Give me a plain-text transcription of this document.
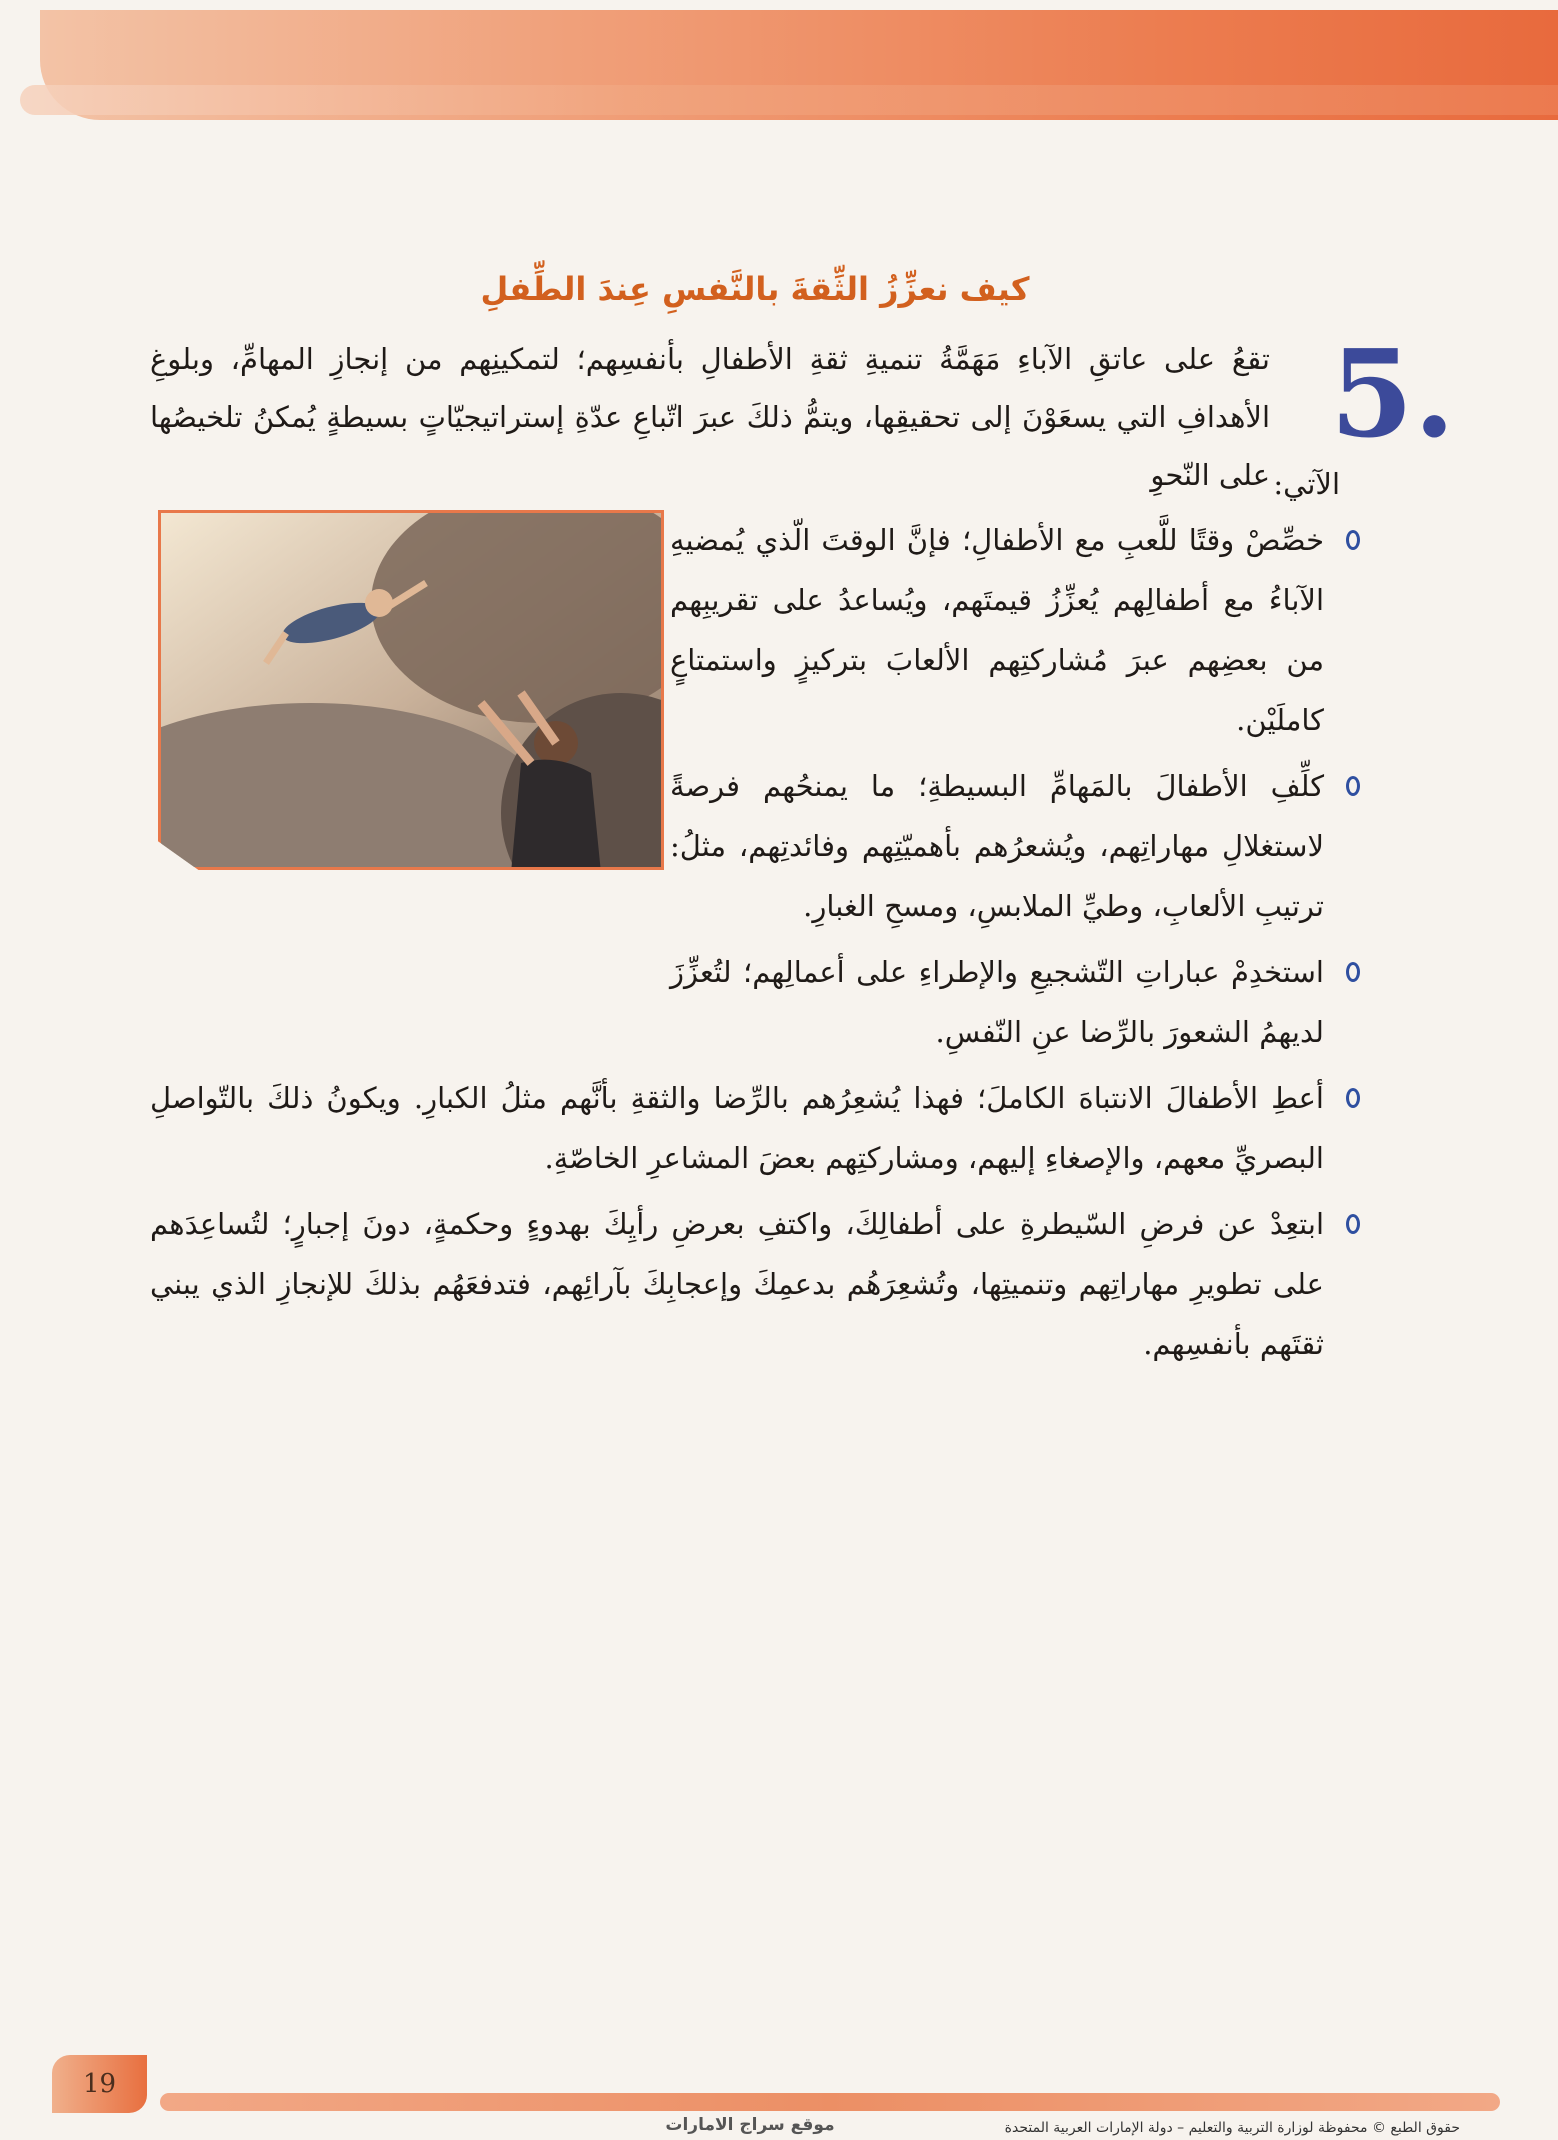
كيف نعزِّزُ الثِّقةَ بالنَّفسِ عِندَ الطِّفلِ
5.
تقعُ على عاتقِ الآباءِ مَهَمَّةُ تنميةِ ثقةِ الأطفالِ بأنفسِهم؛ لتمكينِهم من إنجازِ المهامِّ، وبلوغِ الأهدافِ التي يسعَوْنَ إلى تحقيقِها، ويتمُّ ذلكَ عبرَ اتّباعِ عدّةِ إستراتيجيّاتٍ بسيطةٍ يُمكنُ تلخيصُها على النّحوِ الآتي:
خصِّصْ وقتًا للَّعبِ مع الأطفالِ؛ فإنَّ الوقتَ الّذي يُمضيهِ الآباءُ مع أطفالِهم يُعزِّزُ قيمتَهم، ويُساعدُ على تقريبِهم من بعضِهم عبرَ مُشاركتِهم الألعابَ بتركيزٍ واستمتاعٍ كاملَيْن.
كلِّفِ الأطفالَ بالمَهامِّ البسيطةِ؛ ما يمنحُهم فرصةً لاستغلالِ مهاراتِهم، ويُشعرُهم بأهميّتِهم وفائدتِهم، مثلُ: ترتيبِ الألعابِ، وطيِّ الملابسِ، ومسحِ الغبارِ.
استخدِمْ عباراتِ التّشجيعِ والإطراءِ على أعمالِهم؛ لتُعزِّزَ لديهمُ الشعورَ بالرِّضا عنِ النّفسِ.
أعطِ الأطفالَ الانتباهَ الكاملَ؛ فهذا يُشعِرُهم بالرِّضا والثقةِ بأنَّهم مثلُ الكبارِ. ويكونُ ذلكَ بالتّواصلِ البصريِّ معهم، والإصغاءِ إليهم، ومشاركتِهم بعضَ المشاعرِ الخاصّةِ.
ابتعِدْ عن فرضِ السّيطرةِ على أطفالِكَ، واكتفِ بعرضِ رأيِكَ بهدوءٍ وحكمةٍ، دونَ إجبارٍ؛ لتُساعِدَهم على تطويرِ مهاراتِهم وتنميتِها، وتُشعِرَهُم بدعمِكَ وإعجابِكَ بآرائِهم، فتدفعَهُم بذلكَ للإنجازِ الذي يبني ثقتَهم بأنفسِهم.
19
حقوق الطبع © محفوظة لوزارة التربية والتعليم – دولة الإمارات العربية المتحدة
موقع سراج الامارات
